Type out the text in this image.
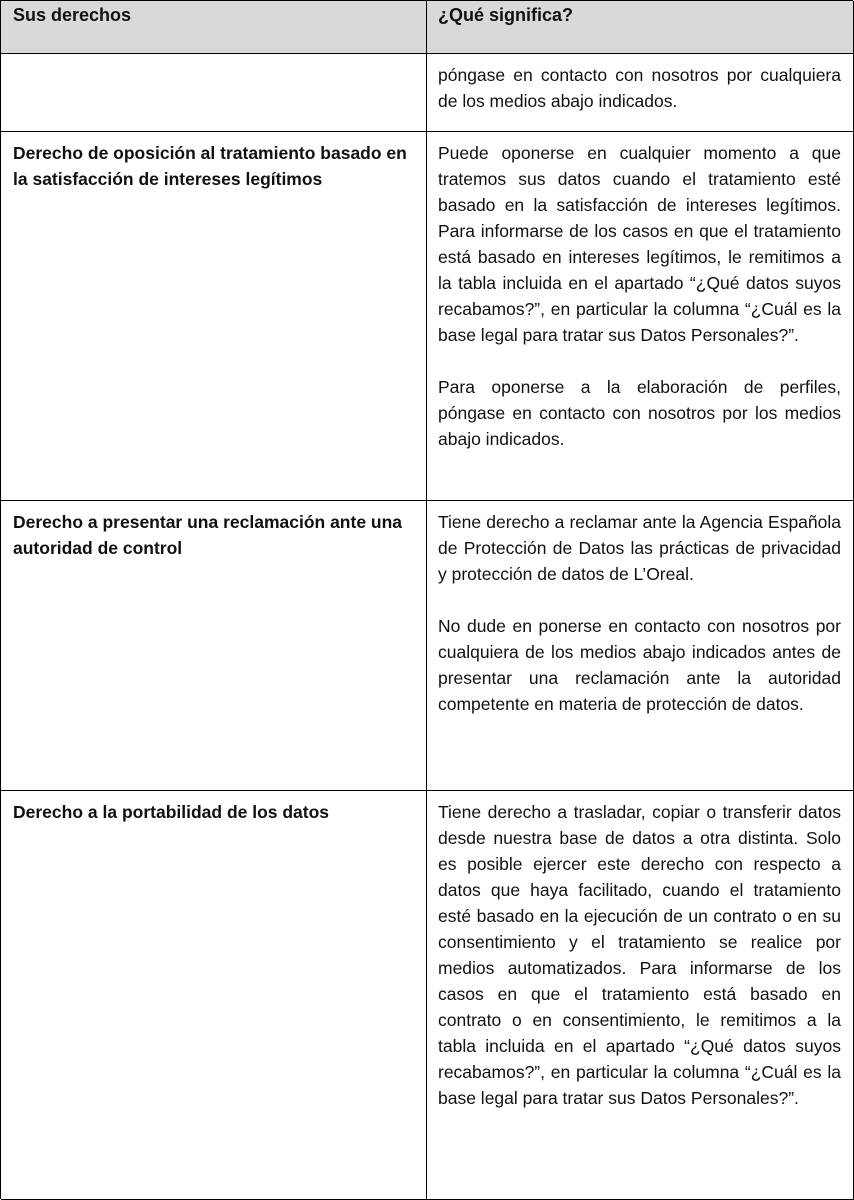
Sus derechos	¿Qué significa?

póngase en contacto con nosotros por cualquiera de los medios abajo indicados.

Derecho de oposición al tratamiento basado en la satisfacción de intereses legítimos

Puede oponerse en cualquier momento a que tratemos sus datos cuando el tratamiento esté basado en la satisfacción de intereses legítimos. Para informarse de los casos en que el tratamiento está basado en intereses legítimos, le remitimos a la tabla incluida en el apartado “¿Qué datos suyos recabamos?”, en particular la columna “¿Cuál es la base legal para tratar sus Datos Personales?”.

Para oponerse a la elaboración de perfiles, póngase en contacto con nosotros por los medios abajo indicados.

Derecho a presentar una reclamación ante una autoridad de control

Tiene derecho a reclamar ante la Agencia Española de Protección de Datos las prácticas de privacidad y protección de datos de L’Oreal.

No dude en ponerse en contacto con nosotros por cualquiera de los medios abajo indicados antes de presentar una reclamación ante la autoridad competente en materia de protección de datos.

Derecho a la portabilidad de los datos	Tiene derecho a trasladar, copiar o transferir datos desde nuestra base de datos a otra distinta. Solo es posible ejercer este derecho con respecto a datos que haya facilitado, cuando el tratamiento esté basado en la ejecución de un contrato o en su consentimiento y el tratamiento se realice por medios automatizados. Para informarse de los casos en que el tratamiento está basado en contrato o en consentimiento, le remitimos a la tabla incluida en el apartado “¿Qué datos suyos recabamos?”, en particular la columna “¿Cuál es la base legal para tratar sus Datos Personales?”.
